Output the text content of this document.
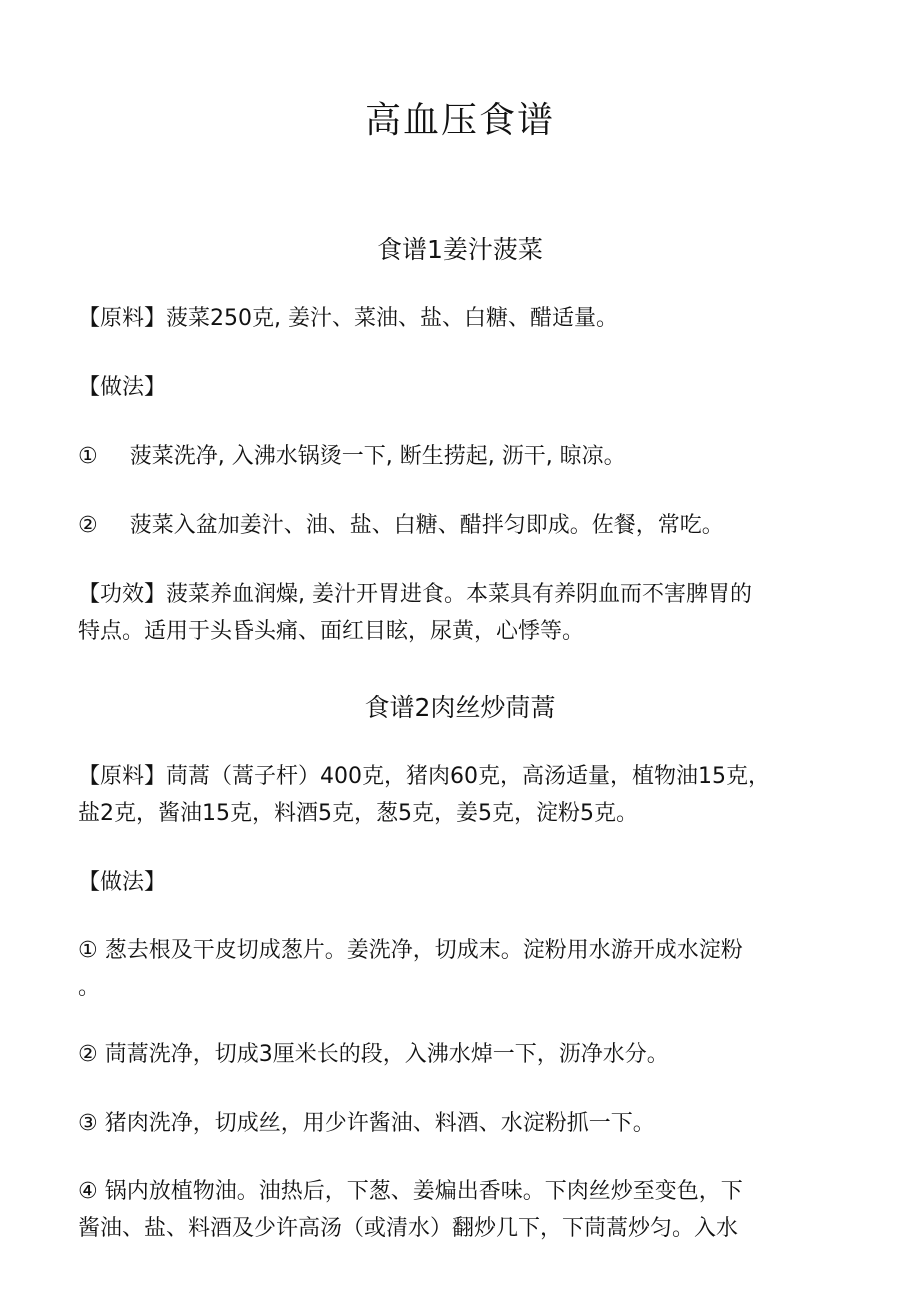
高血压食谱
食谱1姜汁菠菜
【原料】菠菜250克, 姜汁、菜油、盐、白糖、醋适量。
【做法】
① 菠菜洗净, 入沸水锅烫一下, 断生捞起, 沥干, 晾凉。
② 菠菜入盆加姜汁、油、盐、白糖、醋拌匀即成。佐餐，常吃。
【功效】菠菜养血润燥, 姜汁开胃进食。本菜具有养阴血而不害脾胃的
特点。适用于头昏头痛、面红目眩，尿黄，心悸等。
食谱2肉丝炒茼蒿
【原料】茼蒿（蒿子杆）400克，猪肉60克，高汤适量，植物油15克，
盐2克，酱油15克，料酒5克，葱5克，姜5克，淀粉5克。
【做法】
① 葱去根及干皮切成葱片。姜洗净，切成末。淀粉用水游开成水淀粉
。
② 茼蒿洗净，切成3厘米长的段，入沸水焯一下，沥净水分。
③ 猪肉洗净，切成丝，用少许酱油、料酒、水淀粉抓一下。
④ 锅内放植物油。油热后，下葱、姜煸出香味。下肉丝炒至变色，下
酱油、盐、料酒及少许高汤（或清水）翻炒几下，下茼蒿炒匀。入水
